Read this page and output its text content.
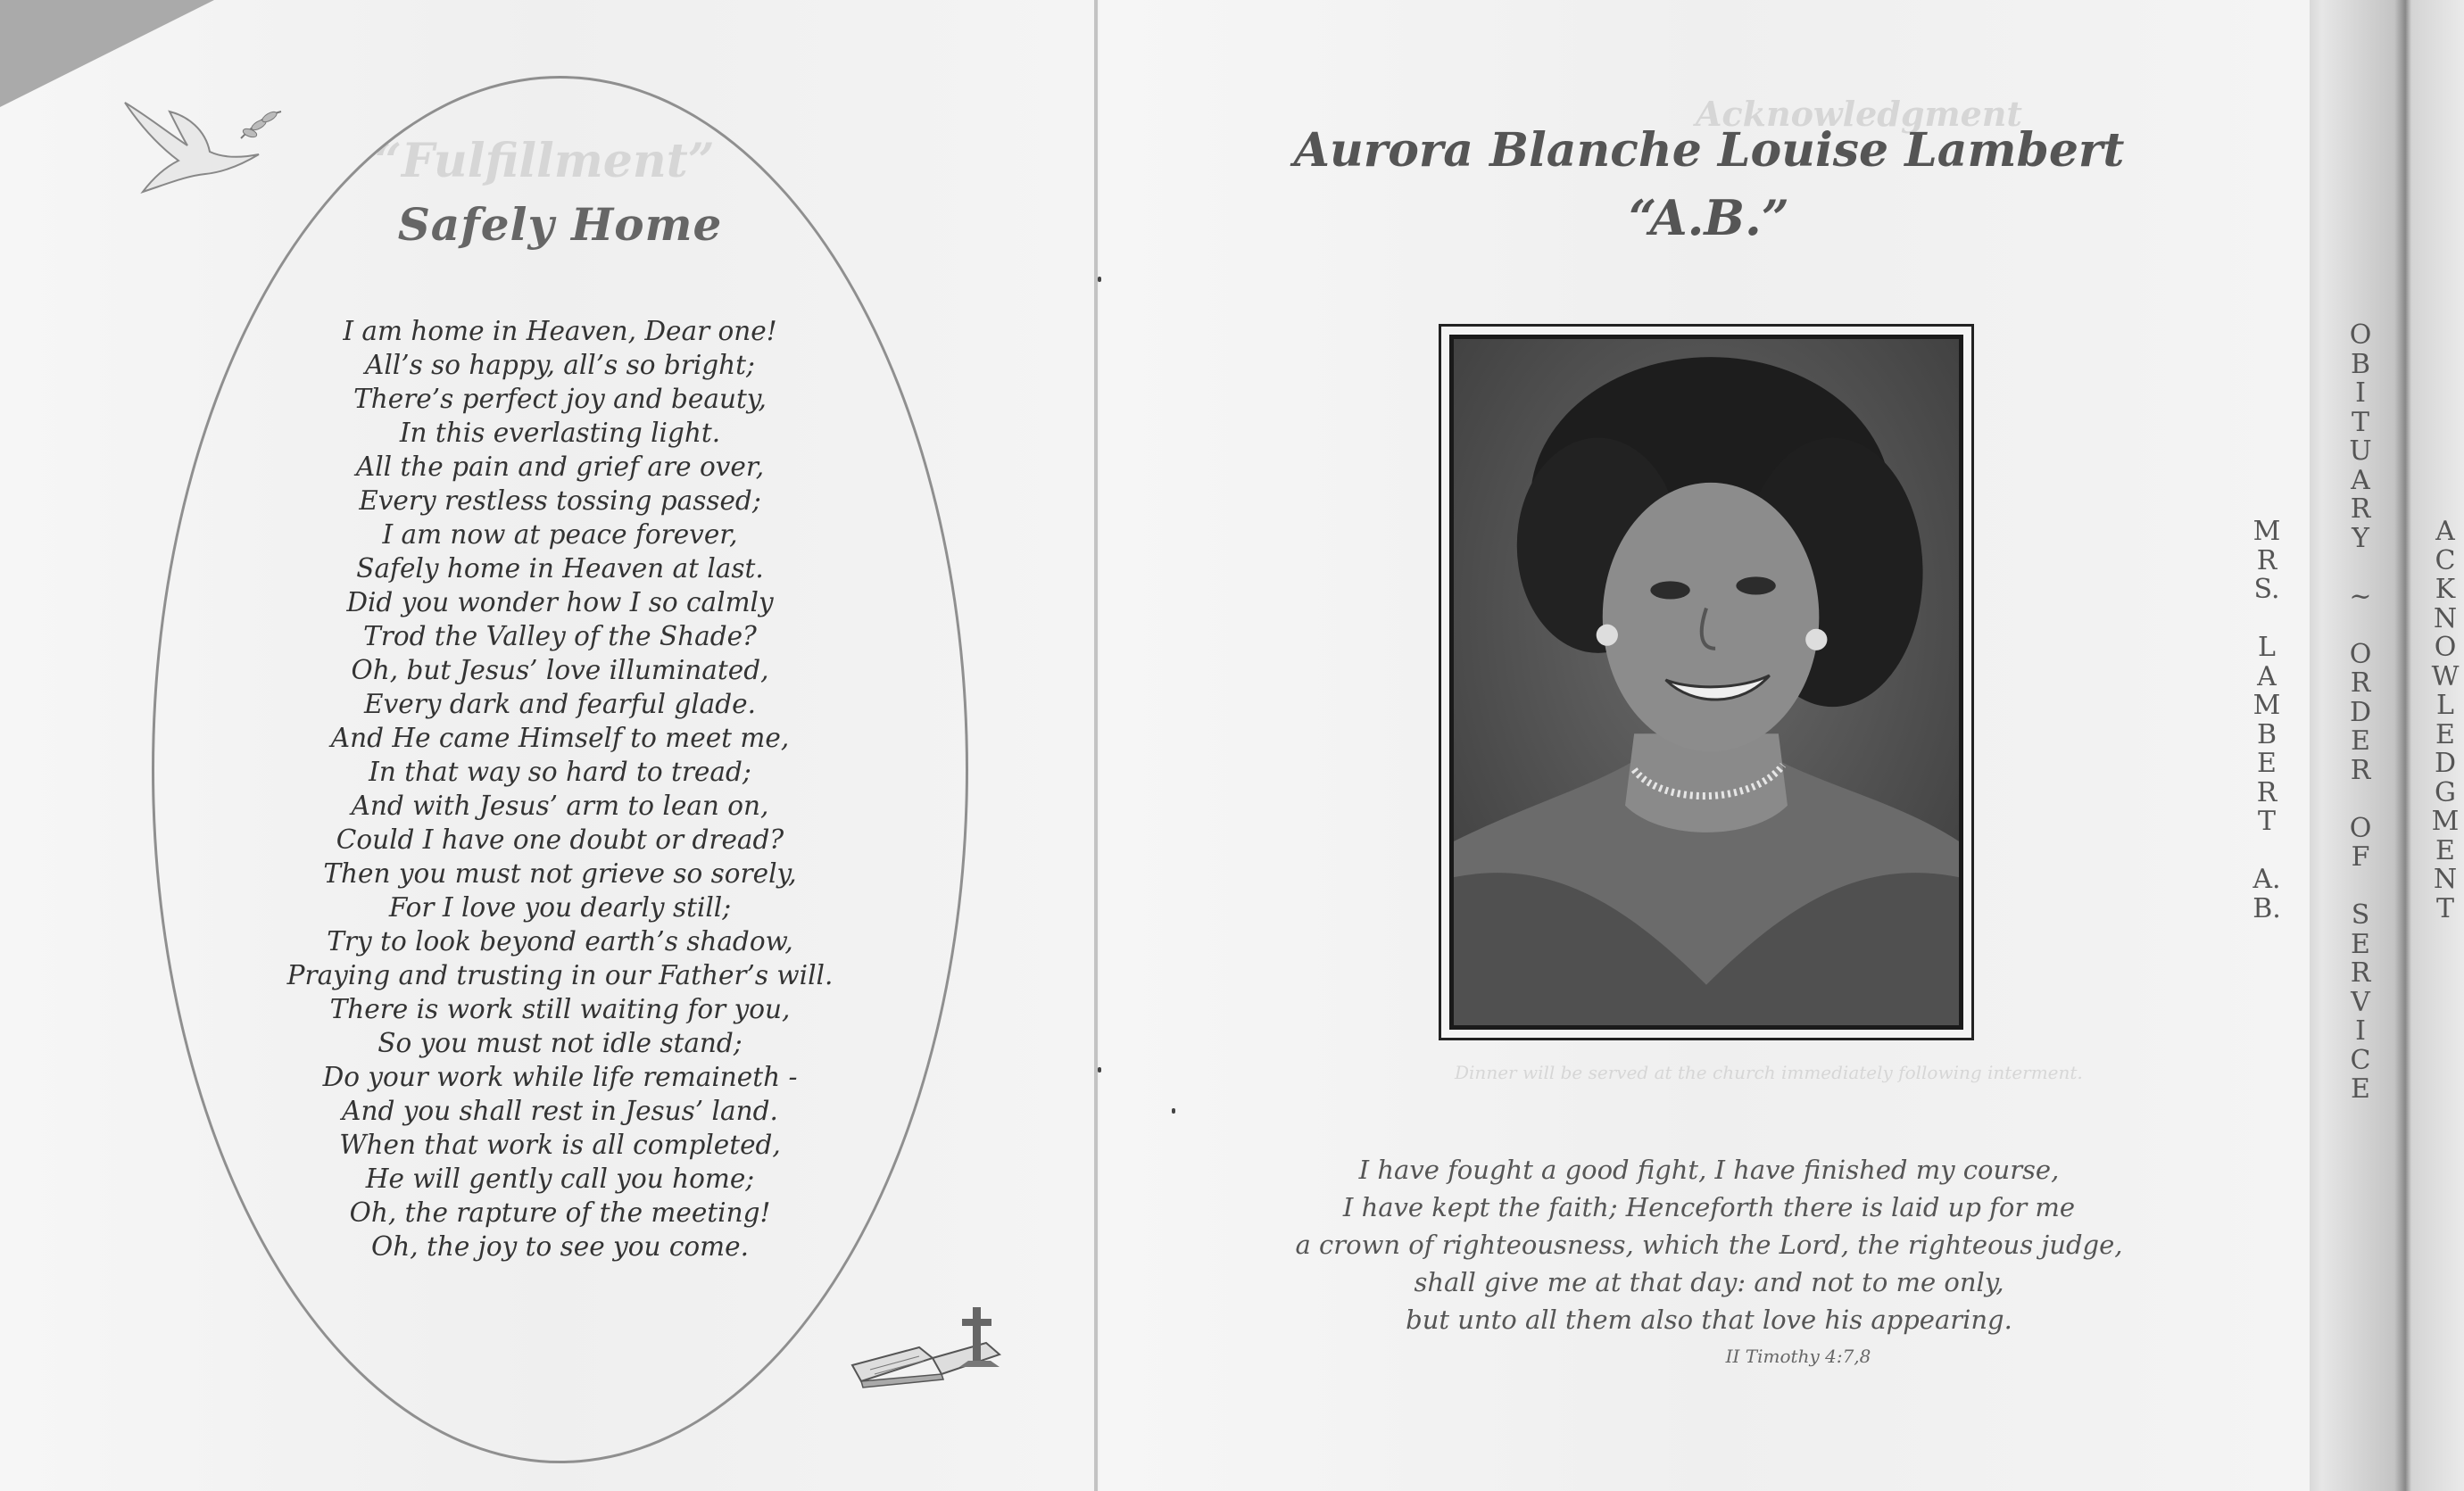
“Fulfillment”
Acknowledgment
Dinner will be served at the church immediately following interment.
Safely Home
I am home in Heaven, Dear one!
All’s so happy, all’s so bright;
There’s perfect joy and beauty,
In this everlasting light.
All the pain and grief are over,
Every restless tossing passed;
I am now at peace forever,
Safely home in Heaven at last.
Did you wonder how I so calmly
Trod the Valley of the Shade?
Oh, but Jesus’ love illuminated,
Every dark and fearful glade.
And He came Himself to meet me,
In that way so hard to tread;
And with Jesus’ arm to lean on,
Could I have one doubt or dread?
Then you must not grieve so sorely,
For I love you dearly still;
Try to look beyond earth’s shadow,
Praying and trusting in our Father’s will.
There is work still waiting for you,
So you must not idle stand;
Do your work while life remaineth -
And you shall rest in Jesus’ land.
When that work is all completed,
He will gently call you home;
Oh, the rapture of the meeting!
Oh, the joy to see you come.
Aurora Blanche Louise Lambert
“A.B.”
I have fought a good fight, I have finished my course,
I have kept the faith; Henceforth there is laid up for me
a crown of righteousness, which the Lord, the righteous judge,
shall give me at that day: and not to me only,
but unto all them also that love his appearing.
II Timothy 4:7,8
M
R
S.

L
A
M
B
E
R
T

A.
B.
O
B
I
T
U
A
R
Y

~

O
R
D
E
R

O
F

S
E
R
V
I
C
E
A
C
K
N
O
W
L
E
D
G
M
E
N
T
